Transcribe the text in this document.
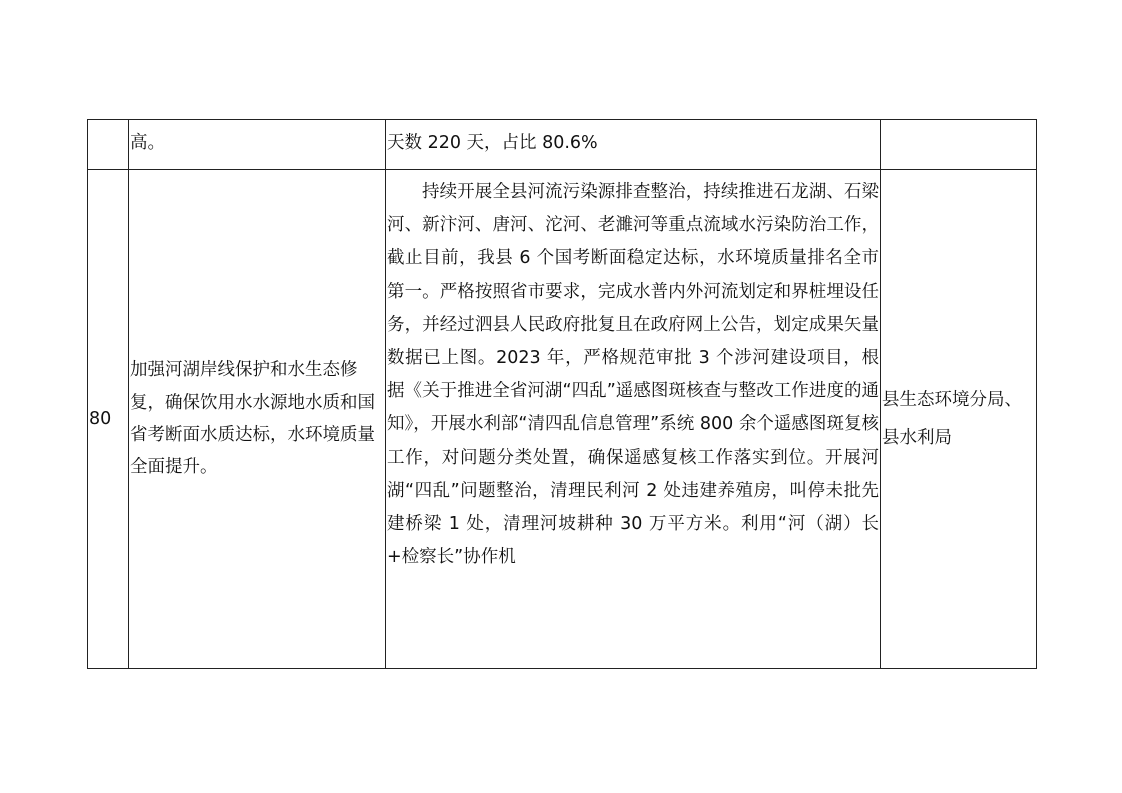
	高。	天数 220 天，占比 80.6%	

80	加强河湖岸线保护和水生态修复，确保饮用水水源地水质和国省考断面水质达标，水环境质量全面提升。	持续开展全县河流污染源排查整治，持续推进石龙湖、石梁河、新汴河、唐河、沱河、老濉河等重点流域水污染防治工作，截止目前，我县 6 个国考断面稳定达标，水环境质量排名全市第一。严格按照省市要求，完成水普内外河流划定和界桩埋设任务，并经过泗县人民政府批复且在政府网上公告，划定成果矢量数据已上图。2023 年，严格规范审批 3 个涉河建设项目，根据《关于推进全省河湖“四乱”遥感图斑核查与整改工作进度的通知》，开展水利部“清四乱信息管理”系统 800 余个遥感图斑复核工作，对问题分类处置，确保遥感复核工作落实到位。开展河湖“四乱”问题整治，清理民利河 2 处违建养殖房，叫停未批先建桥梁 1 处，清理河坡耕种 30 万平方米。利用“河（湖）长+检察长”协作机	县生态环境分局、县水利局
